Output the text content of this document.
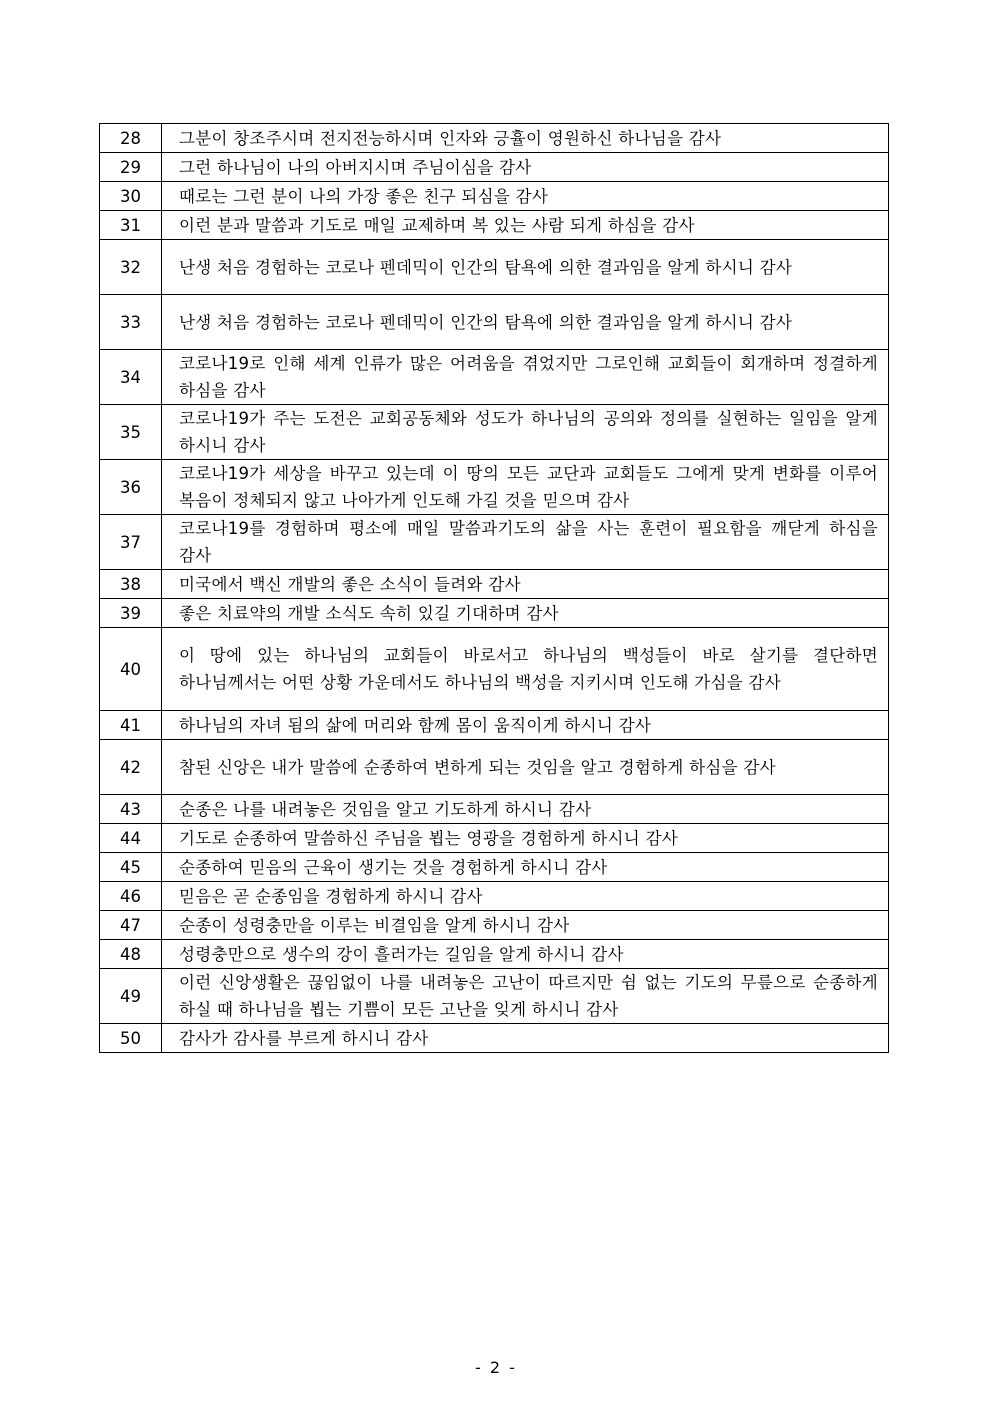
28	그분이 창조주시며 전지전능하시며 인자와 긍휼이 영원하신 하나님을 감사
29	그런 하나님이 나의 아버지시며 주님이심을 감사
30	때로는 그런 분이 나의 가장 좋은 친구 되심을 감사
31	이런 분과 말씀과 기도로 매일 교제하며 복 있는 사람 되게 하심을 감사
32	난생 처음 경험하는 코로나 펜데믹이 인간의 탐욕에 의한 결과임을 알게 하시니 감사
33	난생 처음 경험하는 코로나 펜데믹이 인간의 탐욕에 의한 결과임을 알게 하시니 감사
34	코로나19로 인해 세계 인류가 많은 어려움을 겪었지만 그로인해 교회들이 회개하며 정결하게 하심을 감사
35	코로나19가 주는 도전은 교회공동체와 성도가 하나님의 공의와 정의를 실현하는 일임을 알게 하시니 감사
36	코로나19가 세상을 바꾸고 있는데 이 땅의 모든 교단과 교회들도 그에게 맞게 변화를 이루어 복음이 정체되지 않고 나아가게 인도해 가길 것을 믿으며 감사
37	코로나19를 경험하며 평소에 매일 말씀과기도의 삶을 사는 훈련이 필요함을 깨닫게 하심을 감사
38	미국에서 백신 개발의 좋은 소식이 들려와 감사
39	좋은 치료약의 개발 소식도 속히 있길 기대하며 감사
40	이 땅에 있는 하나님의 교회들이 바로서고 하나님의 백성들이 바로 살기를 결단하면 하나님께서는 어떤 상황 가운데서도 하나님의 백성을 지키시며 인도해 가심을 감사
41	하나님의 자녀 됨의 삶에 머리와 함께 몸이 움직이게 하시니 감사
42	참된 신앙은 내가 말씀에 순종하여 변하게 되는 것임을 알고 경험하게 하심을 감사
43	순종은 나를 내려놓은 것임을 알고 기도하게 하시니 감사
44	기도로 순종하여 말씀하신 주님을 뵙는 영광을 경험하게 하시니 감사
45	순종하여 믿음의 근육이 생기는 것을 경험하게 하시니 감사
46	믿음은 곧 순종임을 경험하게 하시니 감사
47	순종이 성령충만을 이루는 비결임을 알게 하시니 감사
48	성령충만으로 생수의 강이 흘러가는 길임을 알게 하시니 감사
49	이런 신앙생활은 끊임없이 나를 내려놓은 고난이 따르지만 쉼 없는 기도의 무릎으로 순종하게 하실 때 하나님을 뵙는 기쁨이 모든 고난을 잊게 하시니 감사
50	감사가 감사를 부르게 하시니 감사
- 2 -
